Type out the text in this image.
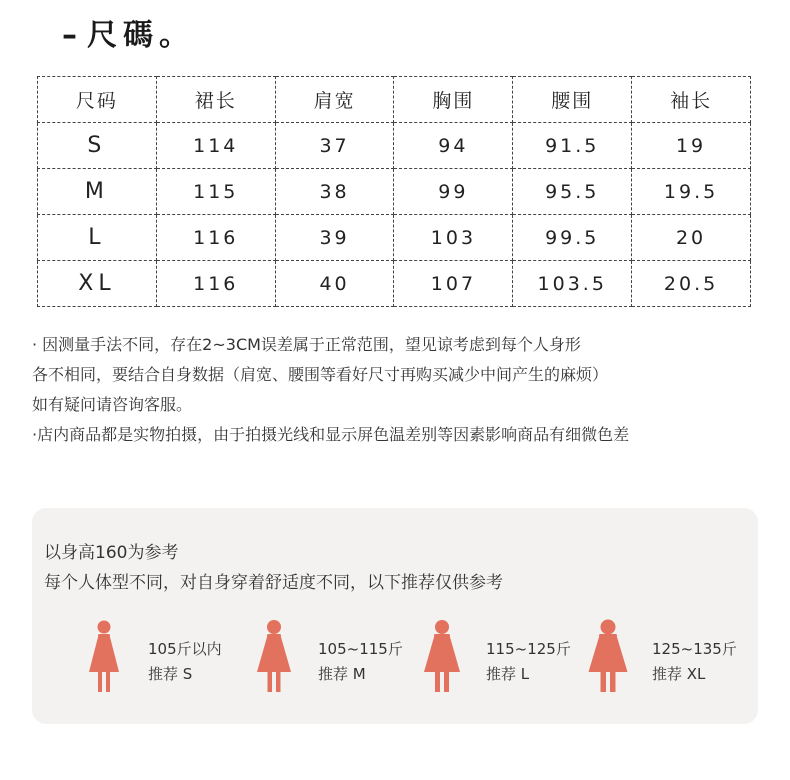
– 尺碼。
尺码	裙长	肩宽	胸围	腰围	袖长
S	114	37	94	91.5	19
M	115	38	99	95.5	19.5
L	116	39	103	99.5	20
XL	116	40	107	103.5	20.5

· 因测量手法不同，存在2~3CM误差属于正常范围，望见谅考虑到每个人身形

各不相同，要结合自身数据（肩宽、腰围等看好尺寸再购买减少中间产生的麻烦）

如有疑问请咨询客服。

·店内商品都是实物拍摄，由于拍摄光线和显示屏色温差别等因素影响商品有细微色差

以身高160为参考
每个人体型不同，对自身穿着舒适度不同，以下推荐仅供参考
105斤以内
推荐 S
105~115斤
推荐 M
115~125斤
推荐 L
125~135斤
推荐 XL
